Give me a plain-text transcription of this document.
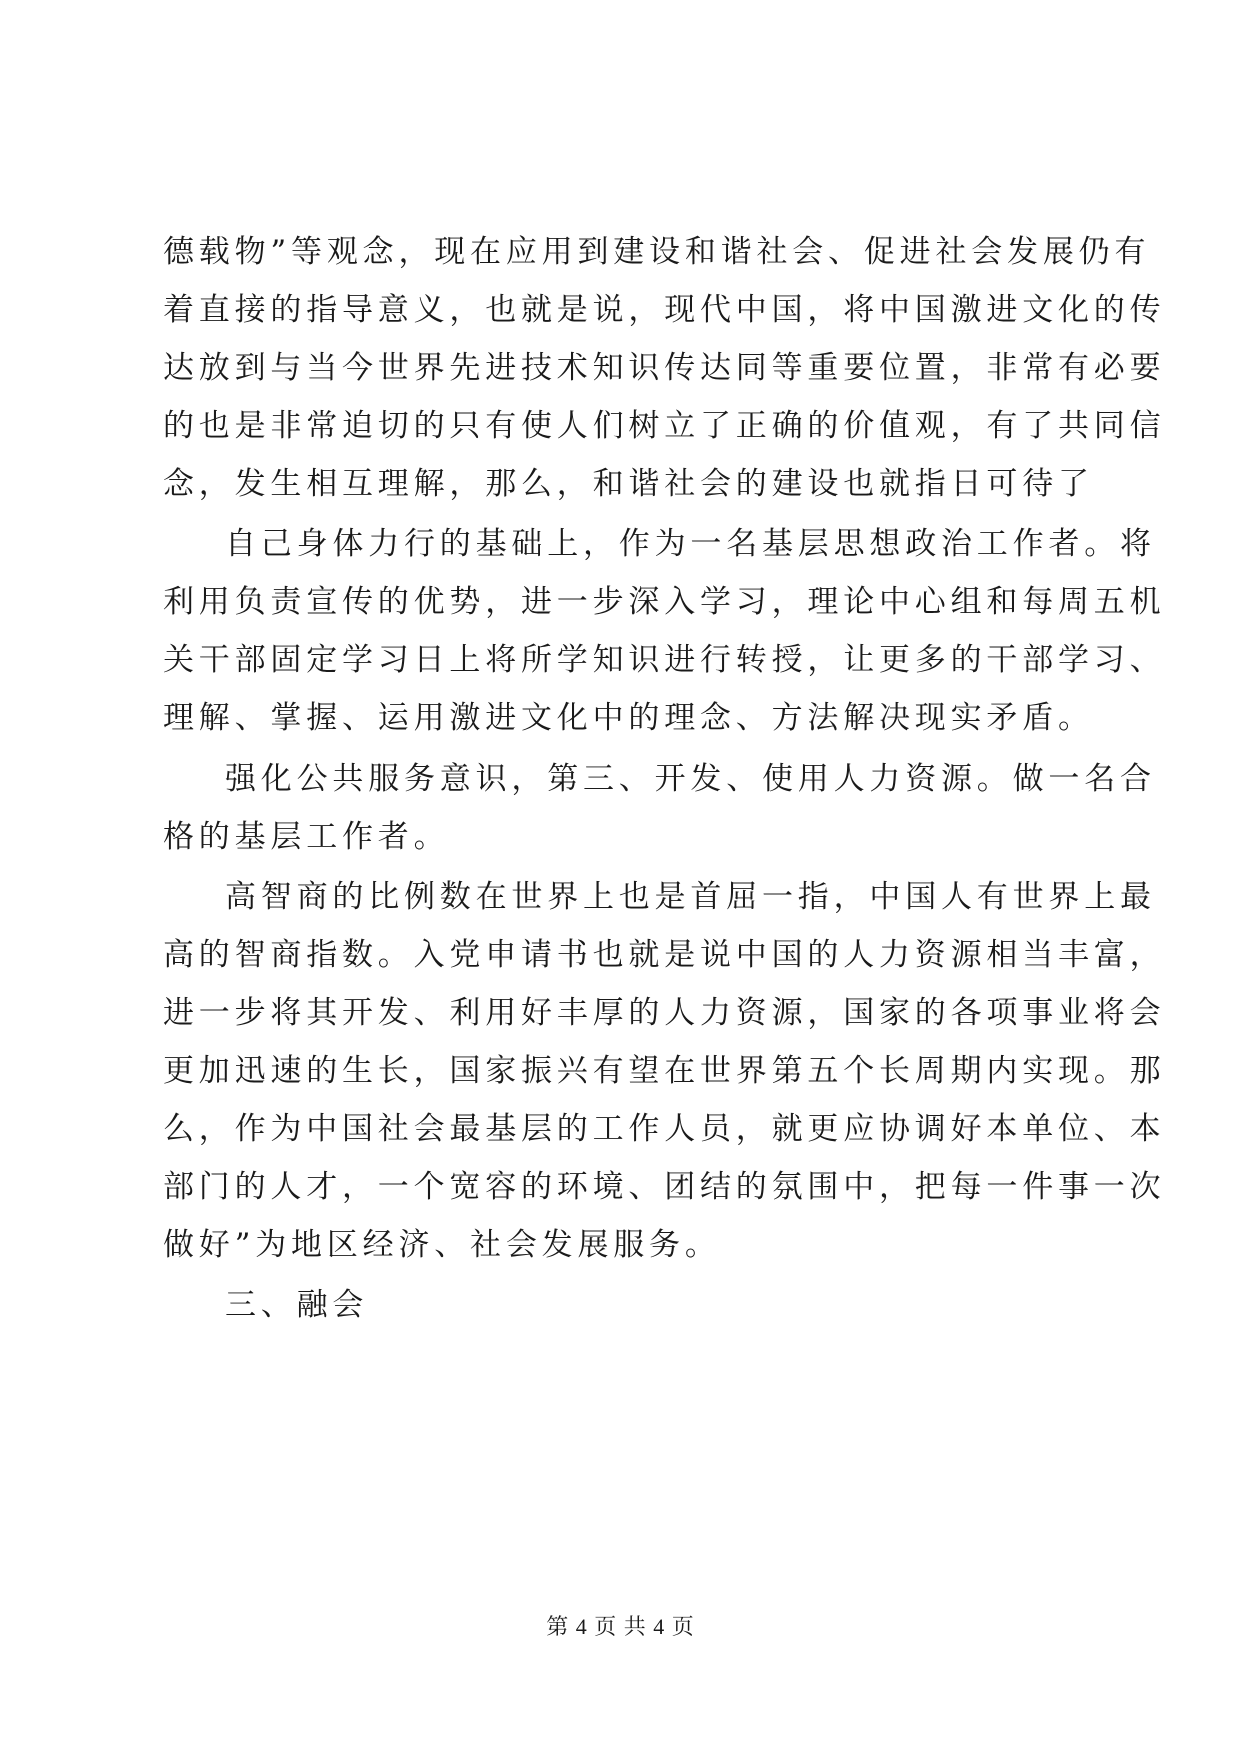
德载物”等观念，现在应用到建设和谐社会、促进社会发展仍有
着直接的指导意义，也就是说，现代中国，将中国激进文化的传
达放到与当今世界先进技术知识传达同等重要位置，非常有必要
的也是非常迫切的只有使人们树立了正确的价值观，有了共同信
念，发生相互理解，那么，和谐社会的建设也就指日可待了
自己身体力行的基础上，作为一名基层思想政治工作者。将
利用负责宣传的优势，进一步深入学习，理论中心组和每周五机
关干部固定学习日上将所学知识进行转授，让更多的干部学习、
理解、掌握、运用激进文化中的理念、方法解决现实矛盾。
强化公共服务意识，第三、开发、使用人力资源。做一名合
格的基层工作者。
高智商的比例数在世界上也是首屈一指，中国人有世界上最
高的智商指数。入党申请书也就是说中国的人力资源相当丰富，
进一步将其开发、利用好丰厚的人力资源，国家的各项事业将会
更加迅速的生长，国家振兴有望在世界第五个长周期内实现。那
么，作为中国社会最基层的工作人员，就更应协调好本单位、本
部门的人才，一个宽容的环境、团结的氛围中，把每一件事一次
做好”为地区经济、社会发展服务。
三、融会
第 4 页 共 4 页
